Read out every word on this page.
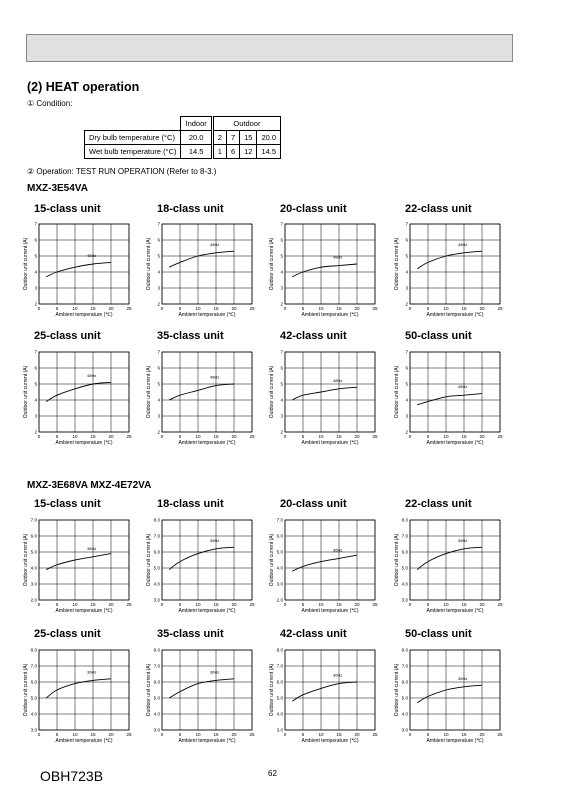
(2) HEAT operation
① Condition:
	Indoor	Outdoor			
Dry bulb temperature (°C)	20.0	2	7	15	20.0
Wet bulb temperature (°C)	14.5	1	6	12	14.5
② Operation: TEST RUN OPERATION (Refer to 8-3.)
MXZ-3E54VA
MXZ-3E68VA MXZ-4E72VA
15-class unit
0	5	10	15	20	25
2
3
4
5
6
7
Ambient temperature (℃)
Outdoor unit current (A)	48Hz
18-class unit
0	5	10	15	20	25
2
3
4
5
6
7
Ambient temperature (℃)
Outdoor unit current (A)	48Hz
20-class unit
0	5	10	15	20	25
2
3
4
5
6
7
Ambient temperature (℃)
Outdoor unit current (A)	48Hz
22-class unit
0	5	10	15	20	25
2
3
4
5
6
7
Ambient temperature (℃)
Outdoor unit current (A)	48Hz
25-class unit
0	5	10	15	20	25
2
3
4
5
6
7
Ambient temperature (℃)
Outdoor unit current (A)	48Hz
35-class unit
0	5	10	15	20	25
2
3
4
5
6
7
Ambient temperature (℃)
Outdoor unit current (A)	48Hz
42-class unit
0	5	10	15	20	25
2
3
4
5
6
7
Ambient temperature (℃)
Outdoor unit current (A)	48Hz
50-class unit
0	5	10	15	20	25
2
3
4
5
6
7
Ambient temperature (℃)
Outdoor unit current (A)	48Hz
15-class unit
0	5	10	15	20	25
2.0
3.0
4.0
5.0
6.0
7.0
Ambient temperature (℃)
Outdoor unit current (A)	36Hz
18-class unit
0	5	10	15	20	25
3.0
4.0
5.0
6.0
7.0
8.0
Ambient temperature (℃)
Outdoor unit current (A)	36Hz
20-class unit
0	5	10	15	20	25
2.0
3.0
4.0
5.0
6.0
7.0
Ambient temperature (℃)
Outdoor unit current (A)	36Hz
22-class unit
0	5	10	15	20	25
3.0
4.0
5.0
6.0
7.0
8.0
Ambient temperature (℃)
Outdoor unit current (A)	36Hz
25-class unit
0	5	10	15	20	25
3.0
4.0
5.0
6.0
7.0
8.0
Ambient temperature (℃)
Outdoor unit current (A)	36Hz
35-class unit
0	5	10	15	20	25
3.0
4.0
5.0
6.0
7.0
8.0
Ambient temperature (℃)
Outdoor unit current (A)	36Hz
42-class unit
0	5	10	15	20	25
3.0
4.0
5.0
6.0
7.0
8.0
Ambient temperature (℃)
Outdoor unit current (A)	36Hz
50-class unit
0	5	10	15	20	25
3.0
4.0
5.0
6.0
7.0
8.0
Ambient temperature (℃)
Outdoor unit current (A)	36Hz
62
OBH723B
